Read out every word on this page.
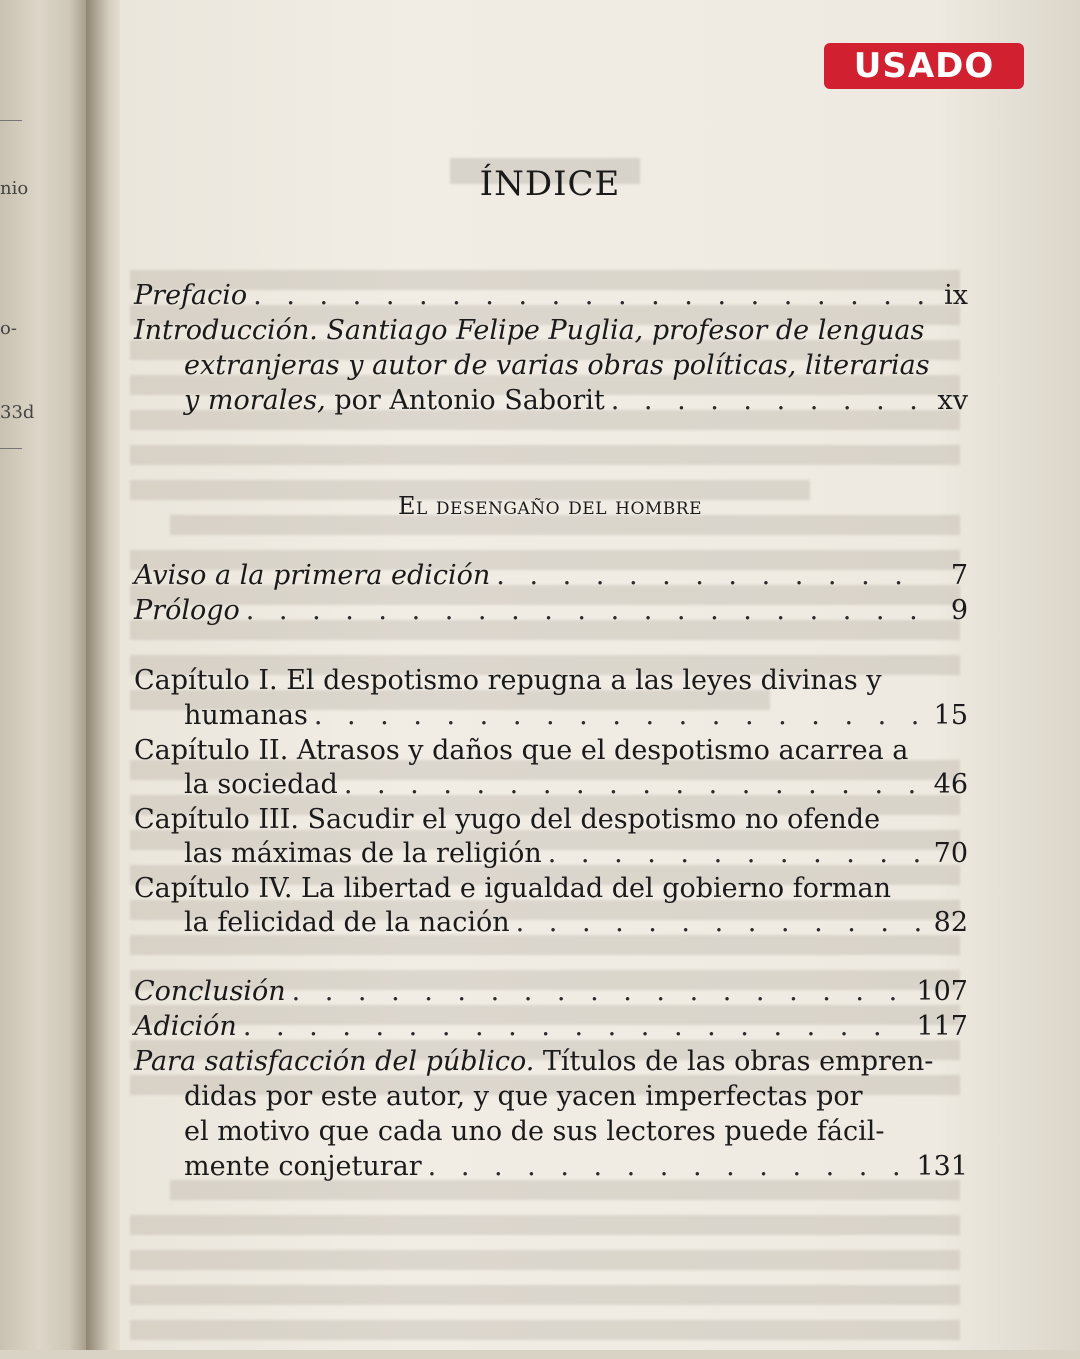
nio
o-
33d
USADO
ÍNDICE
Prefacio . . .	ix
Introducción. Santiago Felipe Puglia, profesor de lenguas
extranjeras y autor de varias obras políticas, literarias
y morales, por Antonio Saborit . . .	xv
El desengaño del hombre
Aviso a la primera edición . . .	7
Prólogo . . .	9
Capítulo I. El despotismo repugna a las leyes divinas y
humanas . . .	15
Capítulo II. Atrasos y daños que el despotismo acarrea a
la sociedad . . .	46
Capítulo III. Sacudir el yugo del despotismo no ofende
las máximas de la religión . . .	70
Capítulo IV. La libertad e igualdad del gobierno forman
la felicidad de la nación . . .	82
Conclusión . . .	107
Adición . . .	117
Para satisfacción del público. Títulos de las obras empren-
didas por este autor, y que yacen imperfectas por
el motivo que cada uno de sus lectores puede fácil-
mente conjeturar . . .	131
